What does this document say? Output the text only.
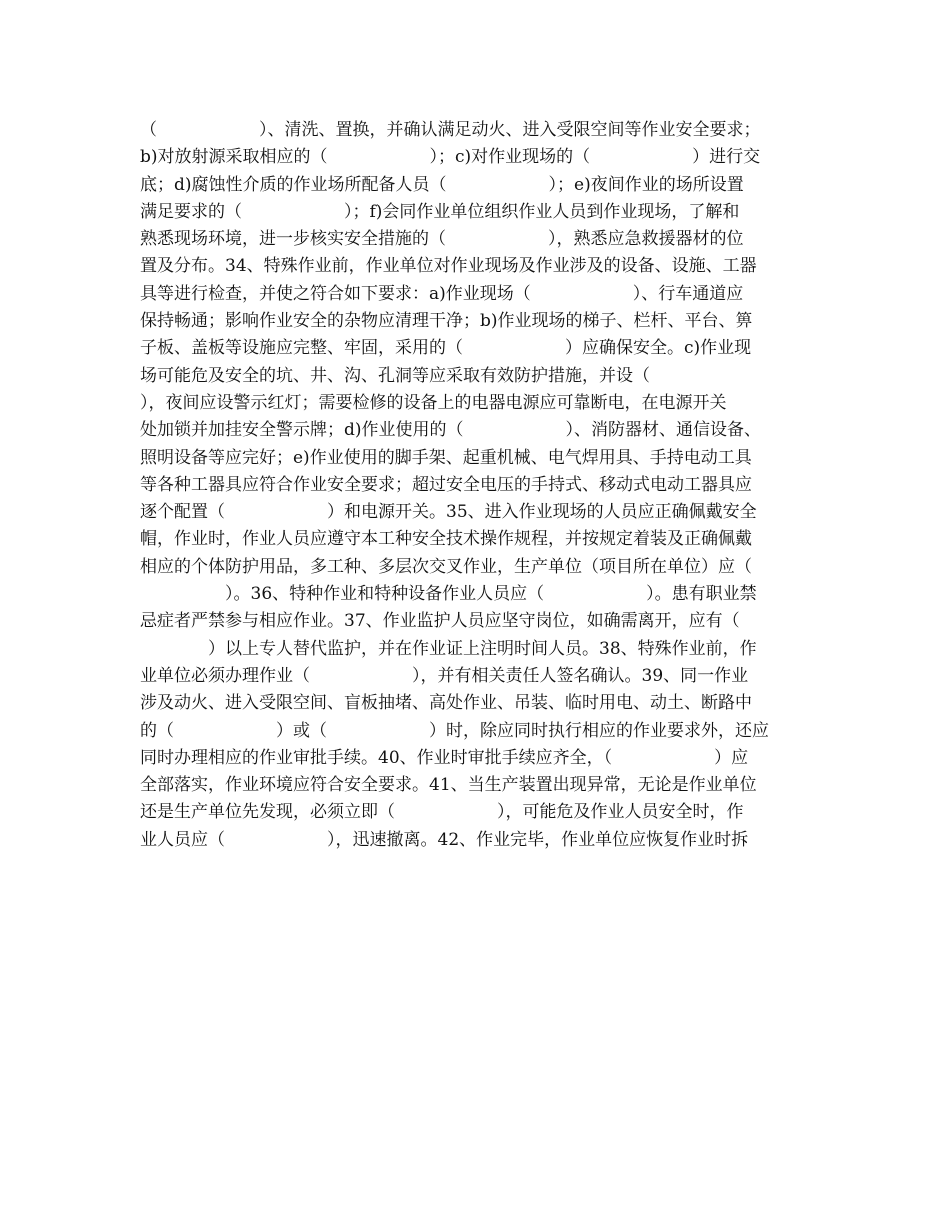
（　　　　　　）、清洗、置换，并确认满足动火、进入受限空间等作业安全要求；
b)对放射源采取相应的（　　　　　　）；c)对作业现场的（　　　　　　）进行交
底；d)腐蚀性介质的作业场所配备人员（　　　　　　）；e)夜间作业的场所设置
满足要求的（　　　　　　）；f)会同作业单位组织作业人员到作业现场，了解和
熟悉现场环境，进一步核实安全措施的（　　　　　　），熟悉应急救援器材的位
置及分布。34、特殊作业前，作业单位对作业现场及作业涉及的设备、设施、工器
具等进行检查，并使之符合如下要求：a)作业现场（　　　　　　）、行车通道应
保持畅通；影响作业安全的杂物应清理干净；b)作业现场的梯子、栏杆、平台、箅
子板、盖板等设施应完整、牢固，采用的（　　　　　　）应确保安全。c)作业现
场可能危及安全的坑、井、沟、孔洞等应采取有效防护措施，并设（　　　　　　
），夜间应设警示红灯；需要检修的设备上的电器电源应可靠断电，在电源开关
处加锁并加挂安全警示牌；d)作业使用的（　　　　　　）、消防器材、通信设备、
照明设备等应完好；e)作业使用的脚手架、起重机械、电气焊用具、手持电动工具
等各种工器具应符合作业安全要求；超过安全电压的手持式、移动式电动工器具应
逐个配置（　　　　　　）和电源开关。35、进入作业现场的人员应正确佩戴安全
帽，作业时，作业人员应遵守本工种安全技术操作规程，并按规定着装及正确佩戴
相应的个体防护用品，多工种、多层次交叉作业，生产单位（项目所在单位）应（
　　　　　）。36、特种作业和特种设备作业人员应（　　　　　　）。患有职业禁
忌症者严禁参与相应作业。37、作业监护人员应坚守岗位，如确需离开，应有（
　　　　）以上专人替代监护，并在作业证上注明时间人员。38、特殊作业前，作
业单位必须办理作业（　　　　　　），并有相关责任人签名确认。39、同一作业
涉及动火、进入受限空间、盲板抽堵、高处作业、吊装、临时用电、动土、断路中
的（　　　　　　）或（　　　　　　）时，除应同时执行相应的作业要求外，还应
同时办理相应的作业审批手续。40、作业时审批手续应齐全，（　　　　　　）应
全部落实，作业环境应符合安全要求。41、当生产装置出现异常，无论是作业单位
还是生产单位先发现，必须立即（　　　　　　），可能危及作业人员安全时，作
业人员应（　　　　　　），迅速撤离。42、作业完毕，作业单位应恢复作业时拆
